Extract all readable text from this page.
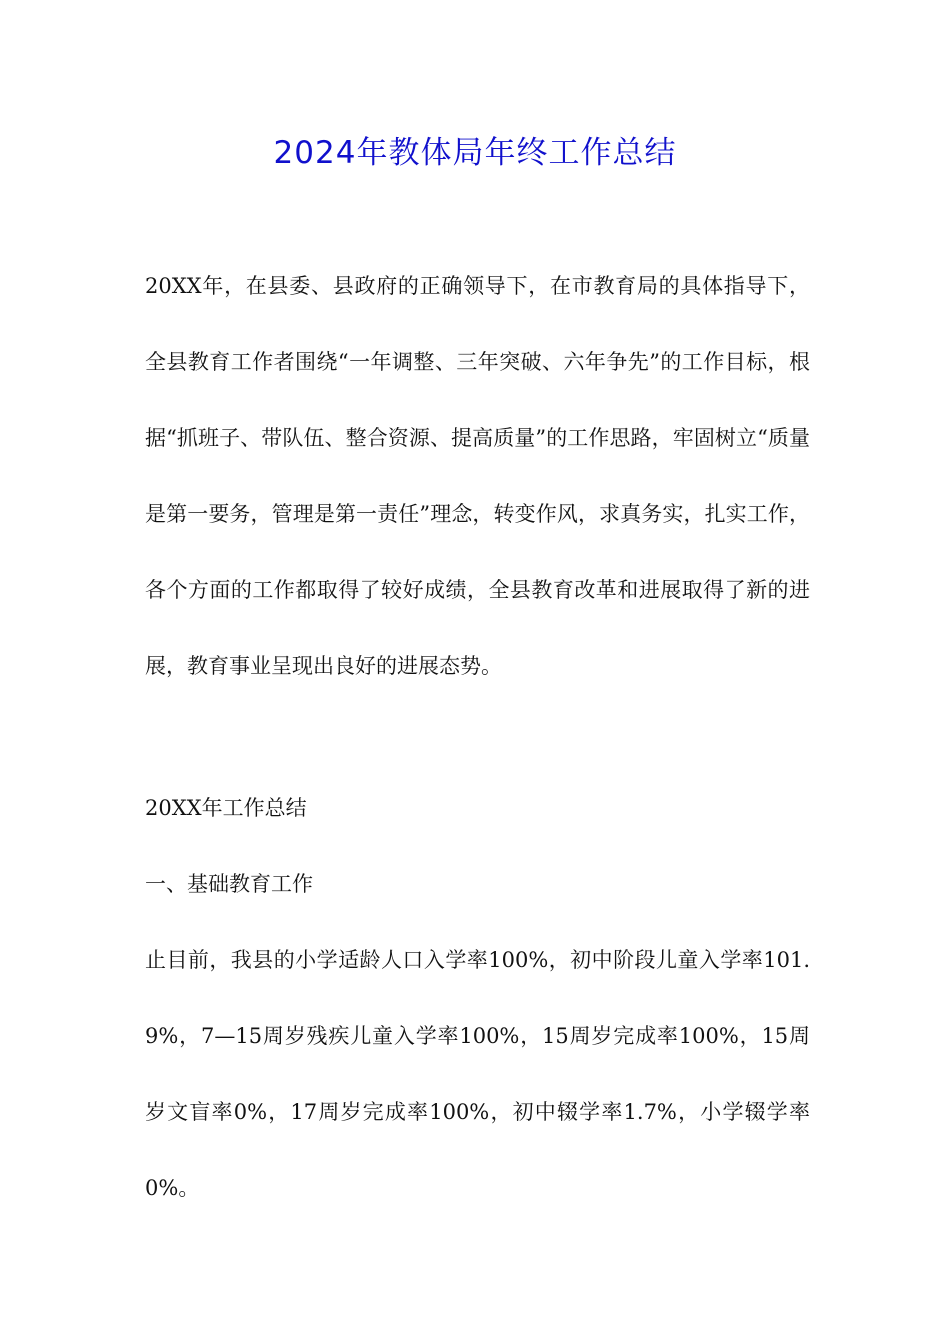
2024年教体局年终工作总结

20XX年，在县委、县政府的正确领导下，在市教育局的具体指导下，全县教育工作者围绕“一年调整、三年突破、六年争先”的工作目标，根据“抓班子、带队伍、整合资源、提高质量”的工作思路，牢固树立“质量是第一要务，管理是第一责任”理念，转变作风，求真务实，扎实工作，各个方面的工作都取得了较好成绩，全县教育改革和进展取得了新的进展，教育事业呈现出良好的进展态势。

20XX年工作总结

一、基础教育工作

止目前，我县的小学适龄人口入学率100%，初中阶段儿童入学率101.9%，7—15周岁残疾儿童入学率100%，15周岁完成率100%，15周岁文盲率0%，17周岁完成率100%，初中辍学率1.7%，小学辍学率0%。
